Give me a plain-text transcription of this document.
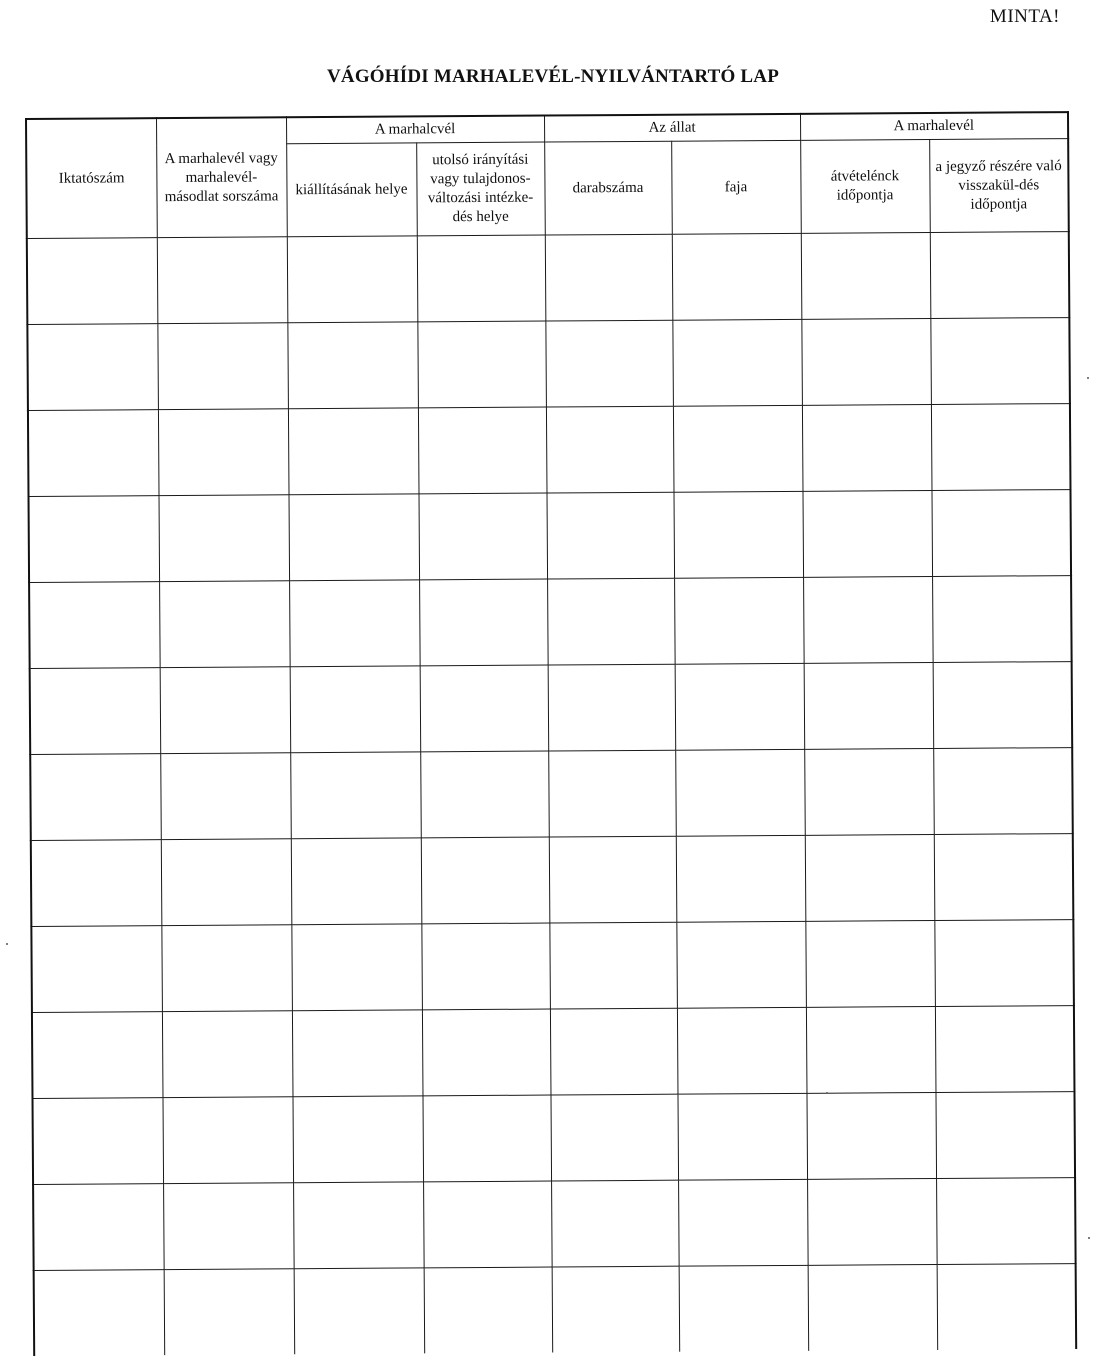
MINTA!
VÁGÓHÍDI MARHALEVÉL-NYILVÁNTARTÓ LAP
Iktatószám	A marhalevél vagy marhalevél-másodlat sorszáma	A marhalcvél		Az állat		A marhalevél	
		kiállításának helye	utolsó irányítási vagy tulajdonos-változási intézke-dés helye	darabszáma	faja	átvételénck időpontja	a jegyző részére való visszakül-dés időpontja
